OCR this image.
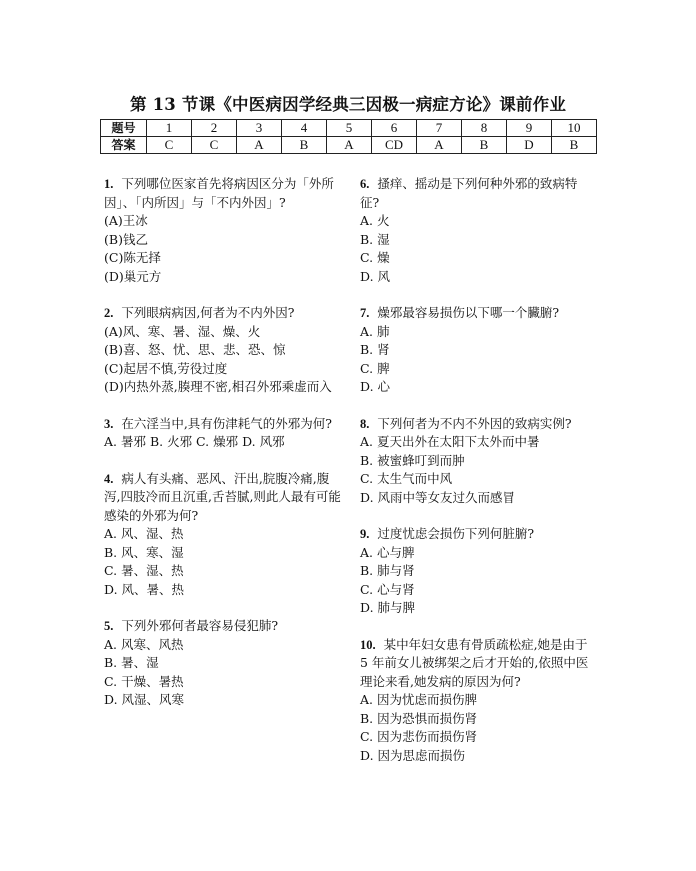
第 13 节课《中医病因学经典三因极一病症方论》课前作业
题号	1	2	3	4	5	6	7	8	9	10
答案	C	C	A	B	A	CD	A	B	D	B

1. 下列哪位医家首先将病因区分为「外所因」、「内所因」与「不内外因」?

(A)王冰

(B)钱乙

(C)陈无择

(D)巢元方

2. 下列眼病病因,何者为不内外因?

(A)风、寒、暑、湿、燥、火

(B)喜、怒、忧、思、悲、恐、惊

(C)起居不慎,劳役过度

(D)内热外蒸,腠理不密,相召外邪乘虚而入

3. 在六淫当中,具有伤津耗气的外邪为何?

A. 暑邪 B. 火邪 C. 燥邪 D. 风邪

4. 病人有头痛、恶风、汗出,脘腹冷痛,腹泻,四肢冷而且沉重,舌苔腻,则此人最有可能感染的外邪为何?

A. 风、湿、热

B. 风、寒、湿

C. 暑、湿、热

D. 风、暑、热

5. 下列外邪何者最容易侵犯肺?

A. 风寒、风热

B. 暑、湿

C. 干燥、暑热

D. 风湿、风寒

6. 搔痒、摇动是下列何种外邪的致病特征?

A. 火

B. 湿

C. 燥

D. 风

7. 燥邪最容易损伤以下哪一个臟腑?

A. 肺

B. 肾

C. 脾

D. 心

8. 下列何者为不内不外因的致病实例?

A. 夏天出外在太阳下太外而中暑

B. 被蜜蜂叮到而肿

C. 太生气而中风

D. 风雨中等女友过久而感冒

9. 过度忧虑会损伤下列何脏腑?

A. 心与脾

B. 肺与肾

C. 心与肾

D. 肺与脾

10. 某中年妇女患有骨质疏松症,她是由于 5 年前女儿被绑架之后才开始的,依照中医理论来看,她发病的原因为何?

A. 因为忧虑而损伤脾

B. 因为恐惧而损伤肾

C. 因为悲伤而损伤肾

D. 因为思虑而损伤
